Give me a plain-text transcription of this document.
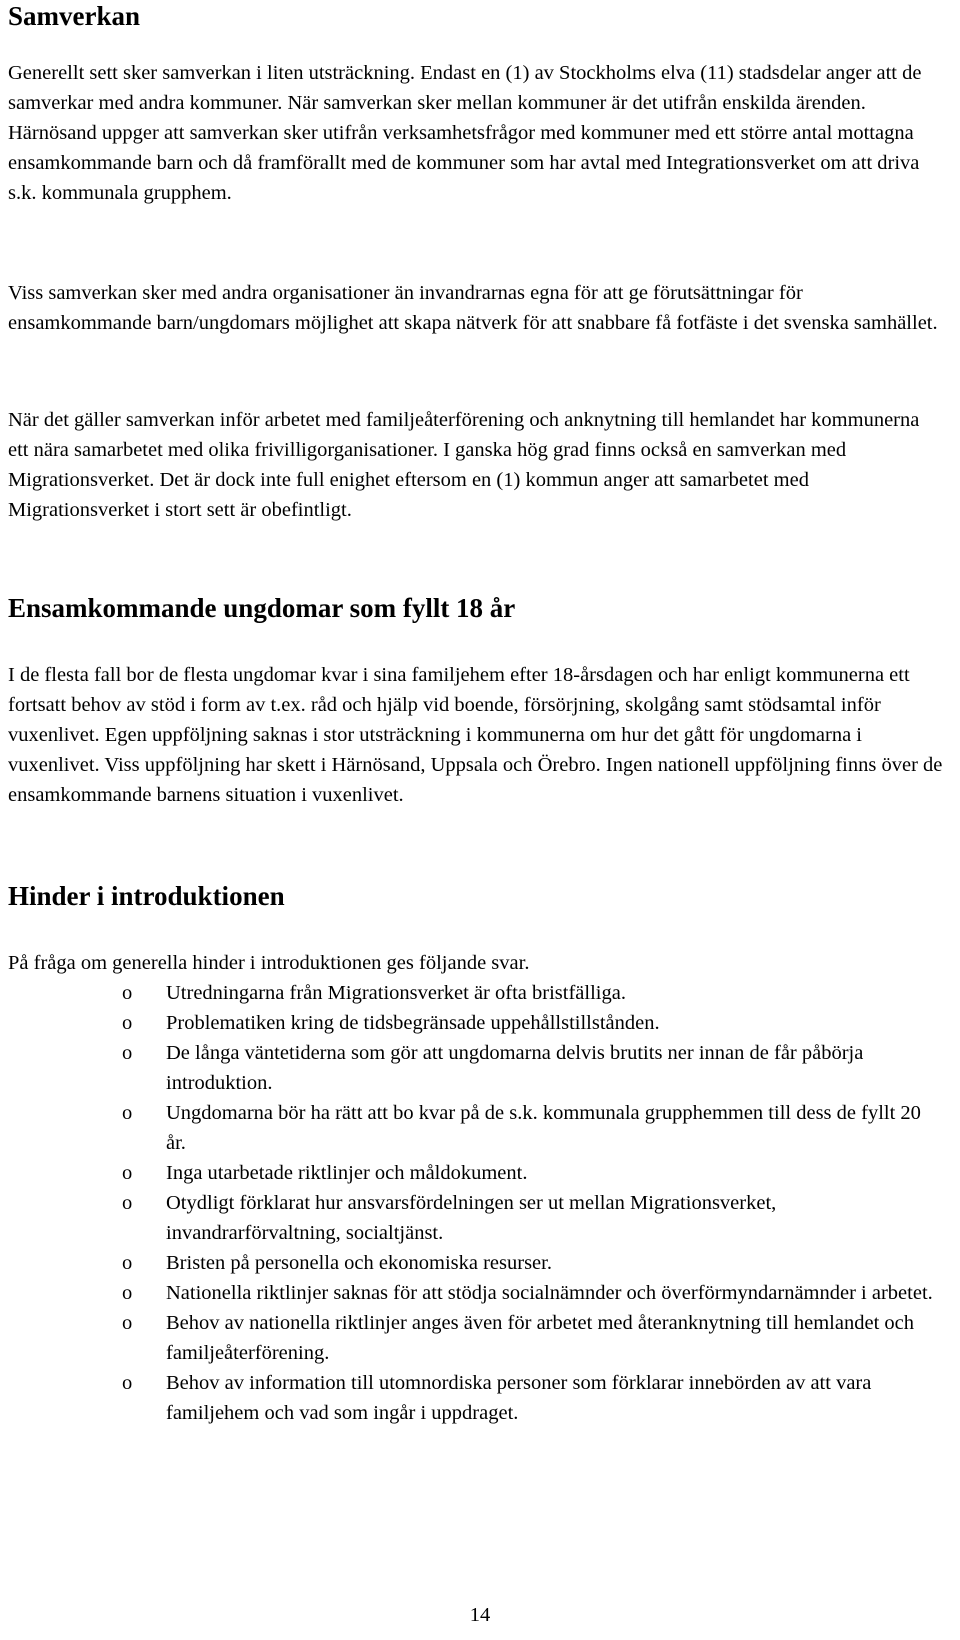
Samverkan

Generellt sett sker samverkan i liten utsträckning. Endast en (1) av Stockholms elva (11) stadsdelar anger att de samverkar med andra kommuner. När samverkan sker mellan kommuner är det utifrån enskilda ärenden. Härnösand uppger att samverkan sker utifrån verksamhetsfrågor med kommuner med ett större antal mottagna ensamkommande barn och då framförallt med de kommuner som har avtal med Integrationsverket om att driva s.k. kommunala grupphem.

Viss samverkan sker med andra organisationer än invandrarnas egna för att ge förutsättningar för ensamkommande barn/ungdomars möjlighet att skapa nätverk för att snabbare få fotfäste i det svenska samhället.

När det gäller samverkan inför arbetet med familjeåterförening och anknytning till hemlandet har kommunerna ett nära samarbetet med olika frivilligorganisationer. I ganska hög grad finns också en samverkan med Migrationsverket. Det är dock inte full enighet eftersom en (1) kommun anger att samarbetet med Migrationsverket i stort sett är obefintligt.

Ensamkommande ungdomar som fyllt 18 år

I de flesta fall bor de flesta ungdomar kvar i sina familjehem efter 18-årsdagen och har enligt kommunerna ett fortsatt behov av stöd i form av t.ex. råd och hjälp vid boende, försörjning, skolgång samt stödsamtal inför vuxenlivet. Egen uppföljning saknas i stor utsträckning i kommunerna om hur det gått för ungdomarna i vuxenlivet. Viss uppföljning har skett i Härnösand, Uppsala och Örebro. Ingen nationell uppföljning finns över de ensamkommande barnens situation i vuxenlivet.

Hinder i introduktionen

På fråga om generella hinder i introduktionen ges följande svar.

o Utredningarna från Migrationsverket är ofta bristfälliga.
o Problematiken kring de tidsbegränsade uppehållstillstånden.
o De långa väntetiderna som gör att ungdomarna delvis brutits ner innan de får påbörja introduktion.
o Ungdomarna bör ha rätt att bo kvar på de s.k. kommunala grupphemmen till dess de fyllt 20 år.
o Inga utarbetade riktlinjer och måldokument.
o Otydligt förklarat hur ansvarsfördelningen ser ut mellan Migrationsverket, invandrarförvaltning, socialtjänst.
o Bristen på personella och ekonomiska resurser.
o Nationella riktlinjer saknas för att stödja socialnämnder och överförmyndarnämnder i arbetet.
o Behov av nationella riktlinjer anges även för arbetet med återanknytning till hemlandet och familjeåterförening.
o Behov av information till utomnordiska personer som förklarar innebörden av att vara familjehem och vad som ingår i uppdraget.
14
